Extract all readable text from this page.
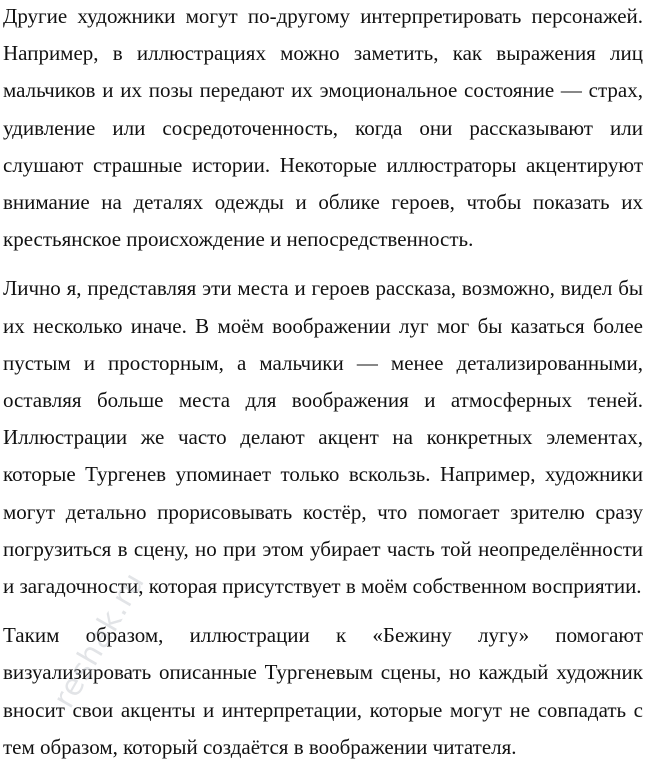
Другие художники могут по-другому интерпретировать персонажей. Например, в иллюстрациях можно заметить, как выражения лиц мальчиков и их позы передают их эмоциональное состояние — страх, удивление или сосредоточенность, когда они рассказывают или слушают страшные истории. Некоторые иллюстраторы акцентируют внимание на деталях одежды и облике героев, чтобы показать их крестьянское происхождение и непосредственность.

Лично я, представляя эти места и героев рассказа, возможно, видел бы их несколько иначе. В моём воображении луг мог бы казаться более пустым и просторным, а мальчики — менее детализированными, оставляя больше места для воображения и атмосферных теней. Иллюстрации же часто делают акцент на конкретных элементах, которые Тургенев упоминает только вскользь. Например, художники могут детально прорисовывать костёр, что помогает зрителю сразу погрузиться в сцену, но при этом убирает часть той неопределённости и загадочности, которая присутствует в моём собственном восприятии.

Таким образом, иллюстрации к «Бежину лугу» помогают визуализировать описанные Тургеневым сцены, но каждый художник вносит свои акценты и интерпретации, которые могут не совпадать с тем образом, который создаётся в воображении читателя.

reshak.ru
